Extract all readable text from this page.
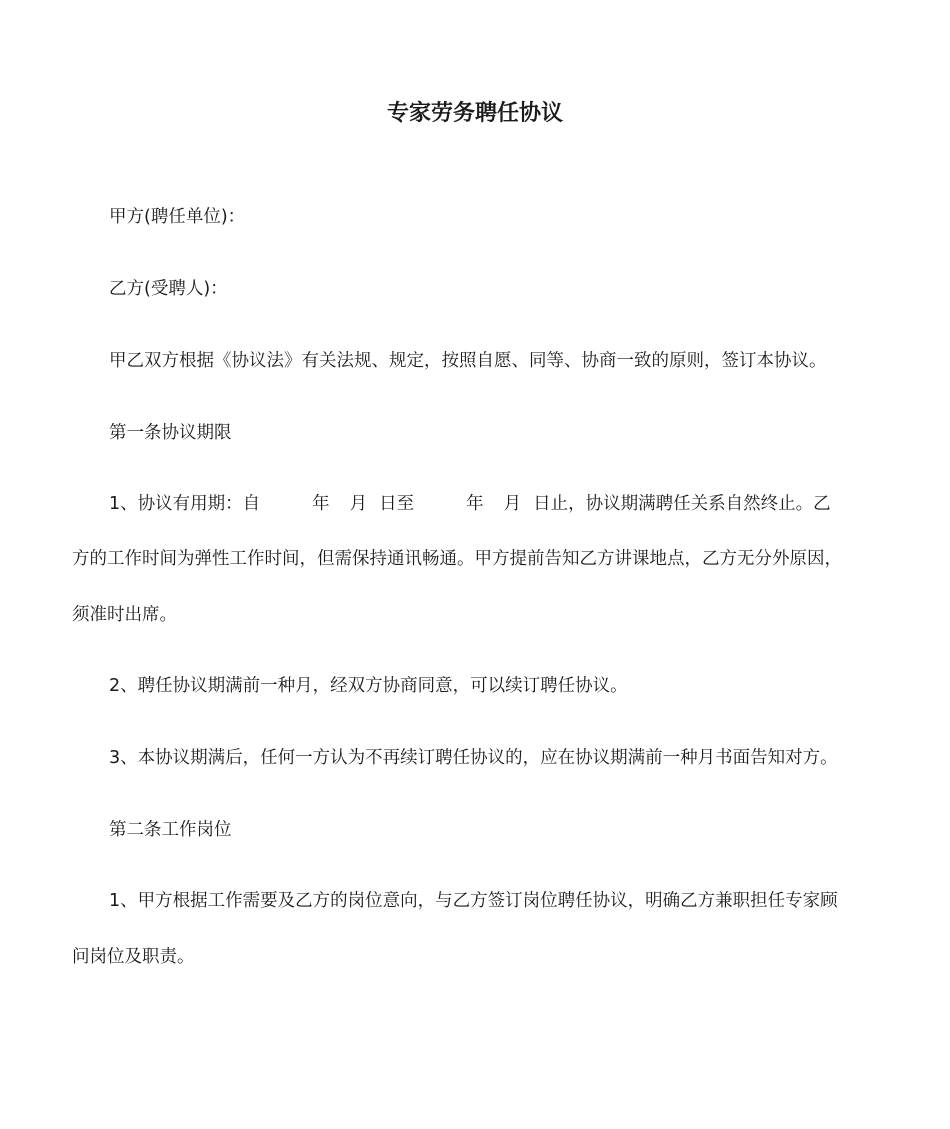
专家劳务聘任协议

甲方(聘任单位)：

乙方(受聘人)：

甲乙双方根据《协议法》有关法规、规定，按照自愿、同等、协商一致的原则，签订本协议。

第一条协议期限

1、协议有用期：自	年 月 日至	年 月 日止，协议期满聘任关系自然终止。乙

方的工作时间为弹性工作时间，但需保持通讯畅通。甲方提前告知乙方讲课地点，乙方无分外原因，

须准时出席。

2、聘任协议期满前一种月，经双方协商同意，可以续订聘任协议。

3、本协议期满后，任何一方认为不再续订聘任协议的，应在协议期满前一种月书面告知对方。

第二条工作岗位

1、甲方根据工作需要及乙方的岗位意向，与乙方签订岗位聘任协议，明确乙方兼职担任专家顾

问岗位及职责。
